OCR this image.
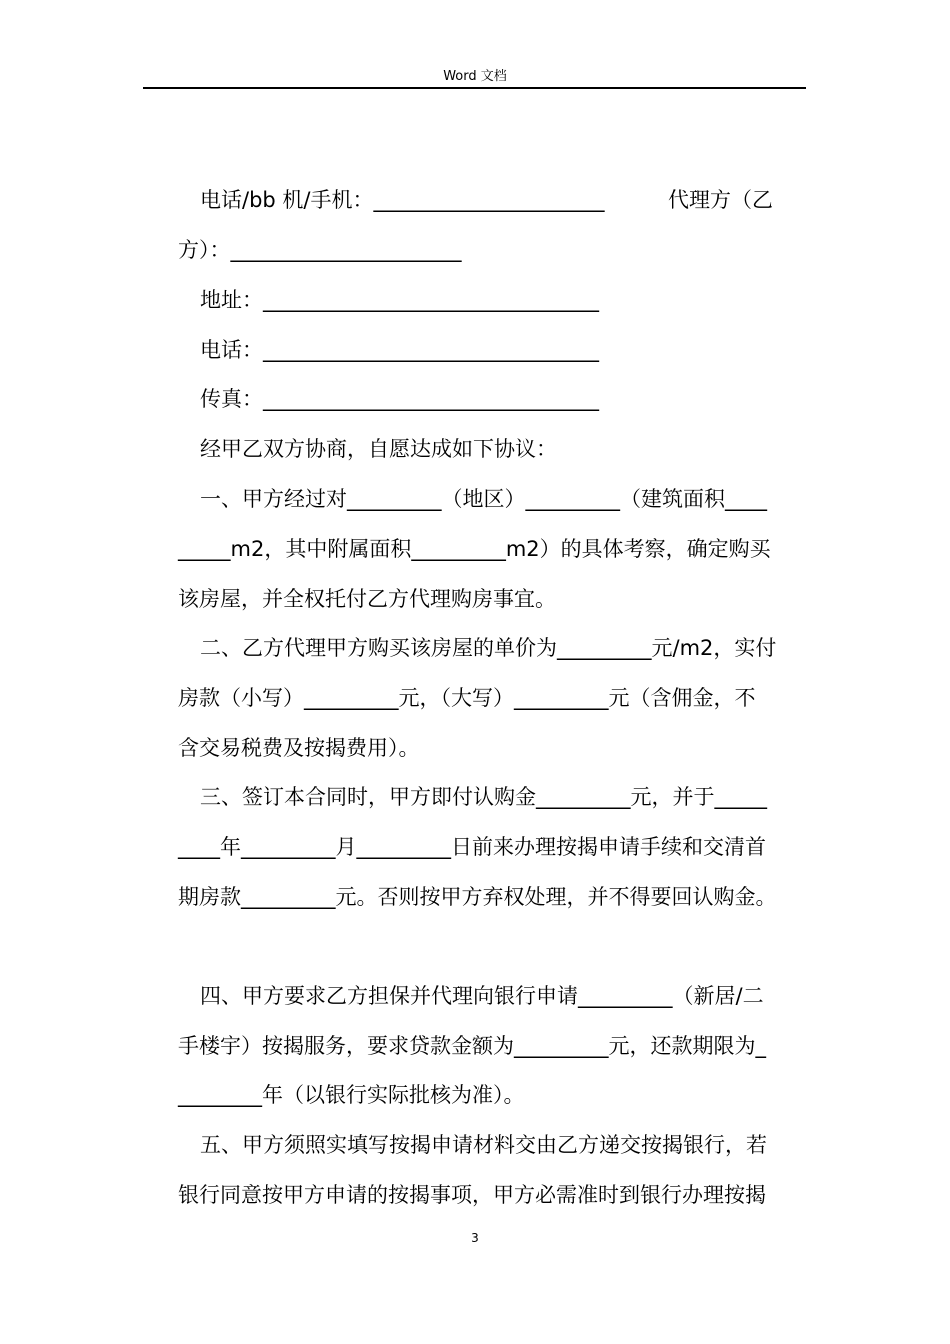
Word 文档

电话/bb 机/手机：______________________	代理方（乙

方）：______________________

地址：________________________________

电话：________________________________

传真：________________________________

经甲乙双方协商，自愿达成如下协议：

一、甲方经过对_________（地区）_________（建筑面积____

_____m2，其中附属面积_________m2）的具体考察，确定购买

该房屋，并全权托付乙方代理购房事宜。

二、乙方代理甲方购买该房屋的单价为_________元/m2，实付

房款（小写）_________元，（大写）_________元（含佣金，不

含交易税费及按揭费用）。

三、签订本合同时，甲方即付认购金_________元，并于_____

____年_________月_________日前来办理按揭申请手续和交清首

期房款_________元。否则按甲方弃权处理，并不得要回认购金。

四、甲方要求乙方担保并代理向银行申请_________（新居/二

手楼宇）按揭服务，要求贷款金额为_________元，还款期限为_

________年（以银行实际批核为准）。

五、甲方须照实填写按揭申请材料交由乙方递交按揭银行，若

银行同意按甲方申请的按揭事项，甲方必需准时到银行办理按揭

3
